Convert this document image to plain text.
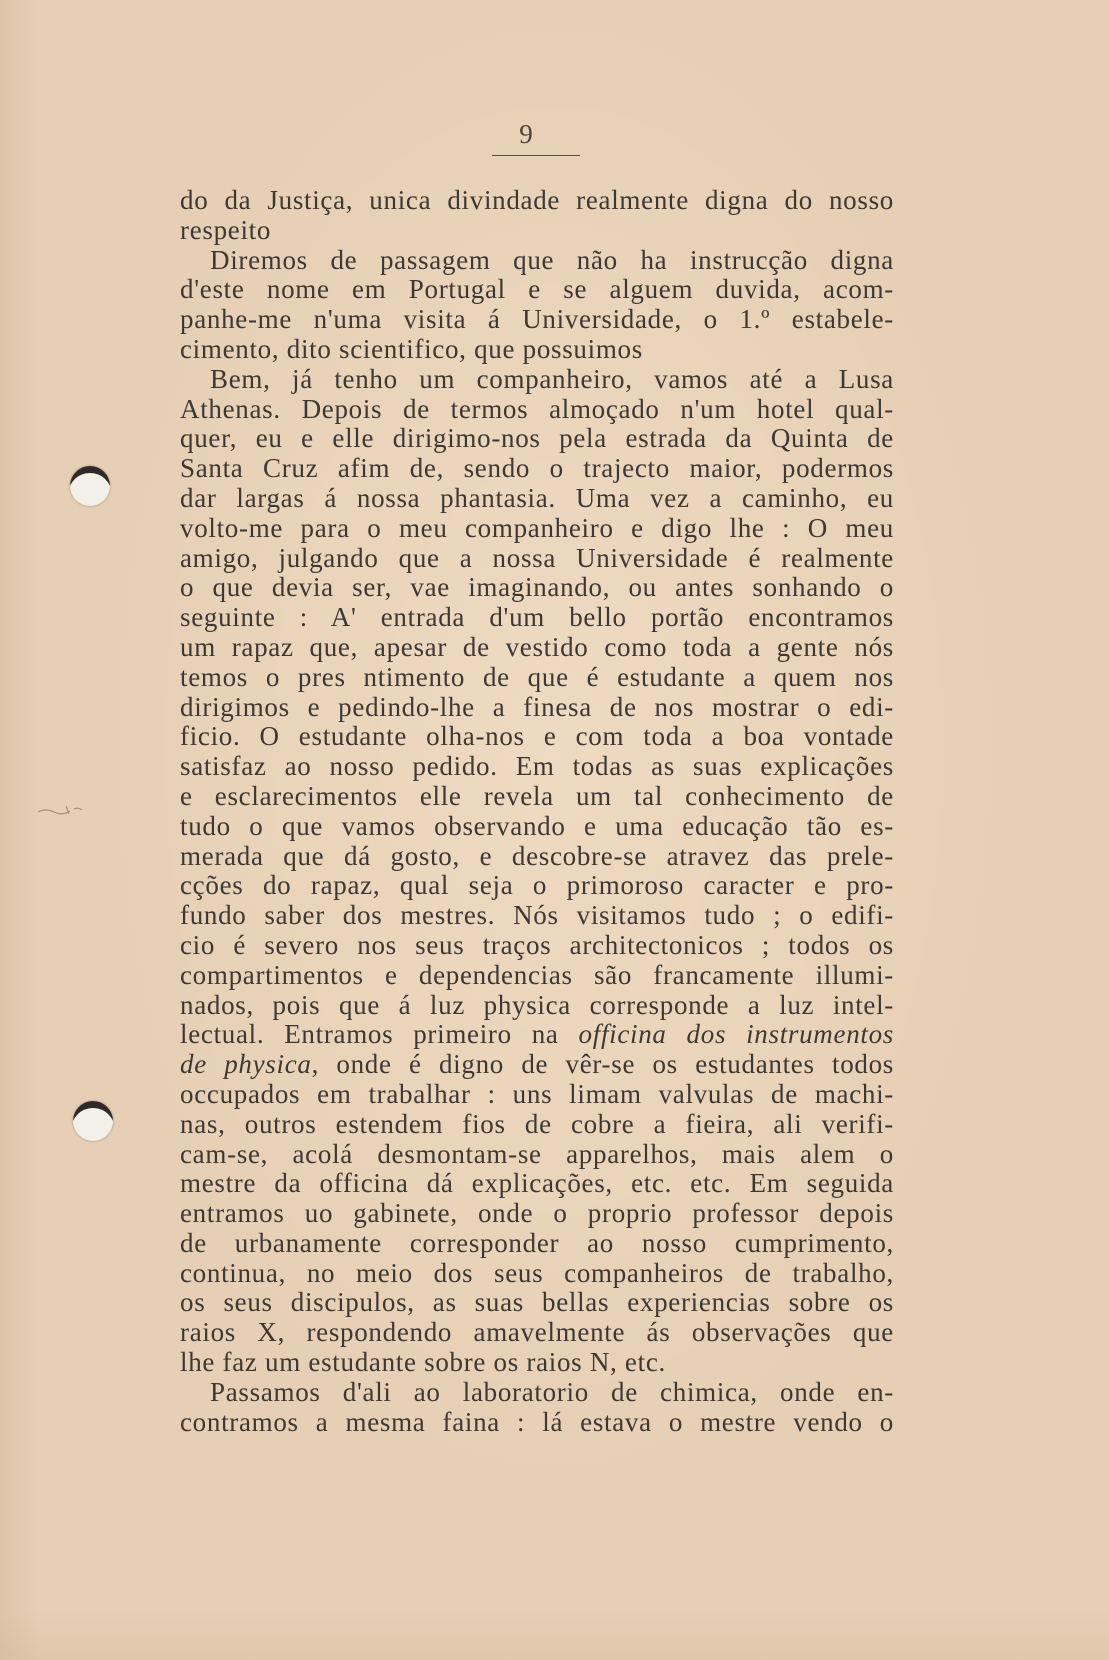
9
do da Justiça, unica divindade realmente digna do nosso
respeito
Diremos de passagem que não ha instrucção digna
d'este nome em Portugal e se alguem duvida, acom-
panhe-me n'uma visita á Universidade, o 1.º estabele-
cimento, dito scientifico, que possuimos
Bem, já tenho um companheiro, vamos até a Lusa
Athenas. Depois de termos almoçado n'um hotel qual-
quer, eu e elle dirigimo-nos pela estrada da Quinta de
Santa Cruz afim de, sendo o trajecto maior, podermos
dar largas á nossa phantasia. Uma vez a caminho, eu
volto-me para o meu companheiro e digo lhe : O meu
amigo, julgando que a nossa Universidade é realmente
o que devia ser, vae imaginando, ou antes sonhando o
seguinte : A' entrada d'um bello portão encontramos
um rapaz que, apesar de vestido como toda a gente nós
temos o pres ntimento de que é estudante a quem nos
dirigimos e pedindo-lhe a finesa de nos mostrar o edi-
ficio. O estudante olha-nos e com toda a boa vontade
satisfaz ao nosso pedido. Em todas as suas explicações
e esclarecimentos elle revela um tal conhecimento de
tudo o que vamos observando e uma educação tão es-
merada que dá gosto, e descobre-se atravez das prele-
cções do rapaz, qual seja o primoroso caracter e pro-
fundo saber dos mestres. Nós visitamos tudo ; o edifi-
cio é severo nos seus traços architectonicos ; todos os
compartimentos e dependencias são francamente illumi-
nados, pois que á luz physica corresponde a luz intel-
lectual. Entramos primeiro na officina dos instrumentos
de physica, onde é digno de vêr-se os estudantes todos
occupados em trabalhar : uns limam valvulas de machi-
nas, outros estendem fios de cobre a fieira, ali verifi-
cam-se, acolá desmontam-se apparelhos, mais alem o
mestre da officina dá explicações, etc. etc. Em seguida
entramos uo gabinete, onde o proprio professor depois
de urbanamente corresponder ao nosso cumprimento,
continua, no meio dos seus companheiros de trabalho,
os seus discipulos, as suas bellas experiencias sobre os
raios X, respondendo amavelmente ás observações que
lhe faz um estudante sobre os raios N, etc.
Passamos d'ali ao laboratorio de chimica, onde en-
contramos a mesma faina : lá estava o mestre vendo o
